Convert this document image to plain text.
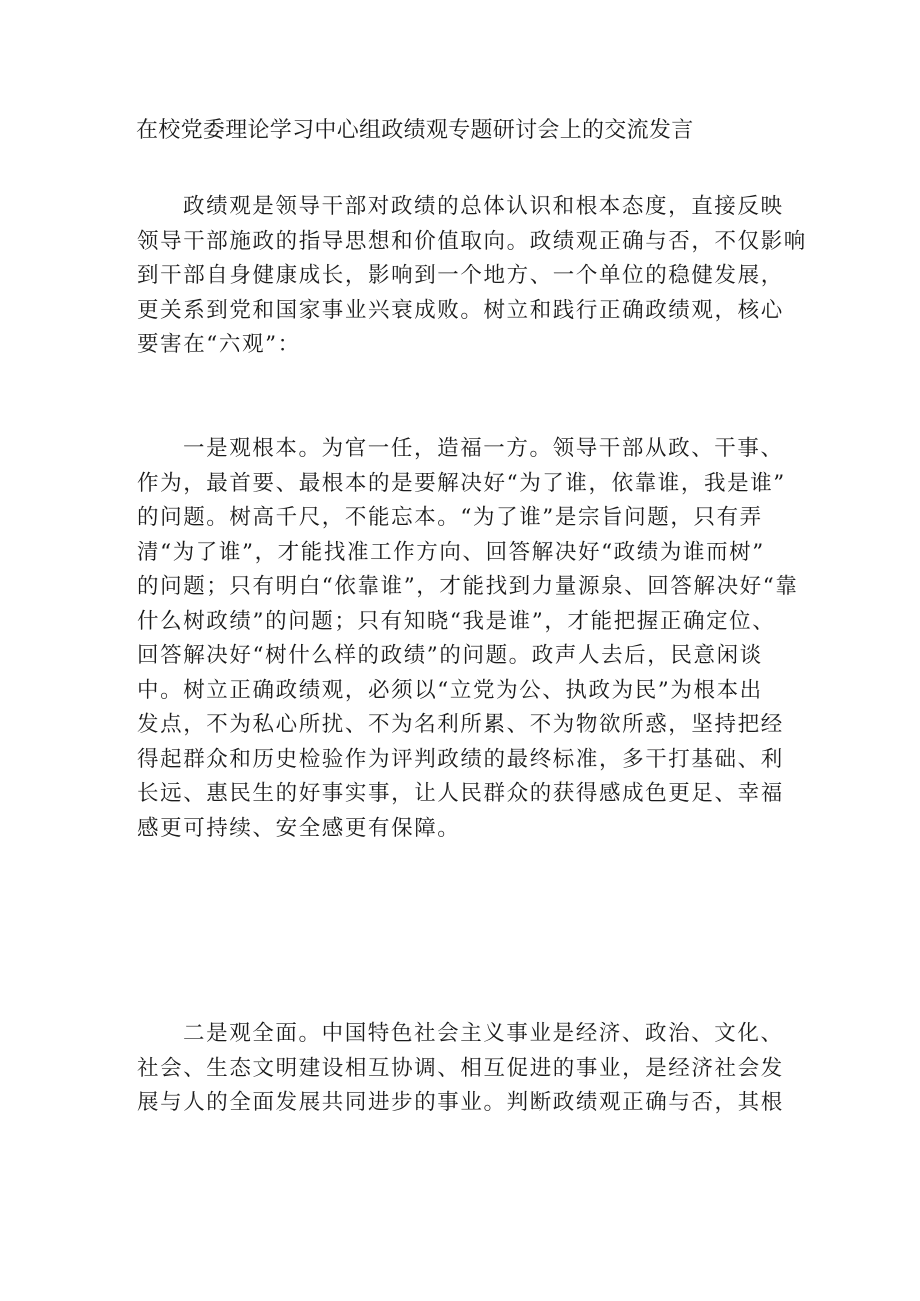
在校党委理论学习中心组政绩观专题研讨会上的交流发言
政绩观是领导干部对政绩的总体认识和根本态度，直接反映
领导干部施政的指导思想和价值取向。政绩观正确与否，不仅影响
到干部自身健康成长，影响到一个地方、一个单位的稳健发展，
更关系到党和国家事业兴衰成败。树立和践行正确政绩观，核心
要害在“六观”：
一是观根本。为官一任，造福一方。领导干部从政、干事、
作为，最首要、最根本的是要解决好“为了谁，依靠谁，我是谁”
的问题。树高千尺，不能忘本。“为了谁”是宗旨问题，只有弄
清“为了谁”，才能找准工作方向、回答解决好“政绩为谁而树”
的问题；只有明白“依靠谁”，才能找到力量源泉、回答解决好“靠
什么树政绩”的问题；只有知晓“我是谁”，才能把握正确定位、
回答解决好“树什么样的政绩”的问题。政声人去后，民意闲谈
中。树立正确政绩观，必须以“立党为公、执政为民”为根本出
发点，不为私心所扰、不为名利所累、不为物欲所惑，坚持把经
得起群众和历史检验作为评判政绩的最终标准，多干打基础、利
长远、惠民生的好事实事，让人民群众的获得感成色更足、幸福
感更可持续、安全感更有保障。
二是观全面。中国特色社会主义事业是经济、政治、文化、
社会、生态文明建设相互协调、相互促进的事业，是经济社会发
展与人的全面发展共同进步的事业。判断政绩观正确与否，其根
